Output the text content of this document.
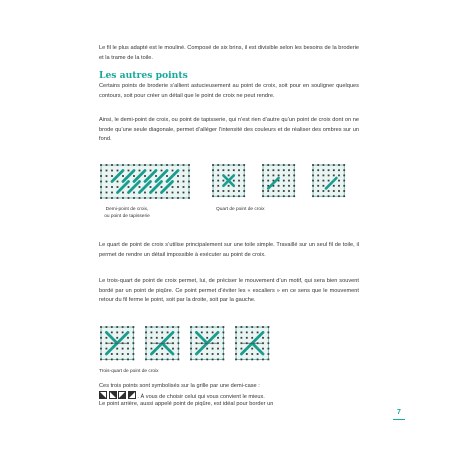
Le fil le plus adapté est le mouliné. Composé de six brins, il est divisible selon les besoins de la broderie et la trame de la toile.

Les autres points

Certains points de broderie s’allient astucieusement au point de croix, soit pour en souligner quelques contours, soit pour créer un détail que le point de croix ne peut rendre.

Ainsi, le demi-point de croix, ou point de tapisserie, qui n’est rien d’autre qu’un point de croix dont on ne brode qu’une seule diagonale, permet d’alléger l’intensité des couleurs et de réaliser des ombres sur un fond.

Demi-point de croix,
ou point de tapisserie

Quart de point de croix

Le quart de point de croix s’utilise principalement sur une toile simple. Travaillé sur un seul fil de toile, il permet de rendre un détail impossible à exécuter au point de croix.

Le trois-quart de point de croix permet, lui, de préciser le mouvement d’un motif, qui sera bien souvent bordé par un point de piqûre. Ce point permet d’éviter les « escaliers » en ce sens que le mouvement retour du fil ferme le point, soit par la droite, soit par la gauche.

Trois-quart de point de croix

Ces trois points sont symbolisés sur la grille par une demi-case :

. À vous de choisir celui qui vous convient le mieux.

Le point arrière, aussi appelé point de piqûre, est idéal pour border un

7
